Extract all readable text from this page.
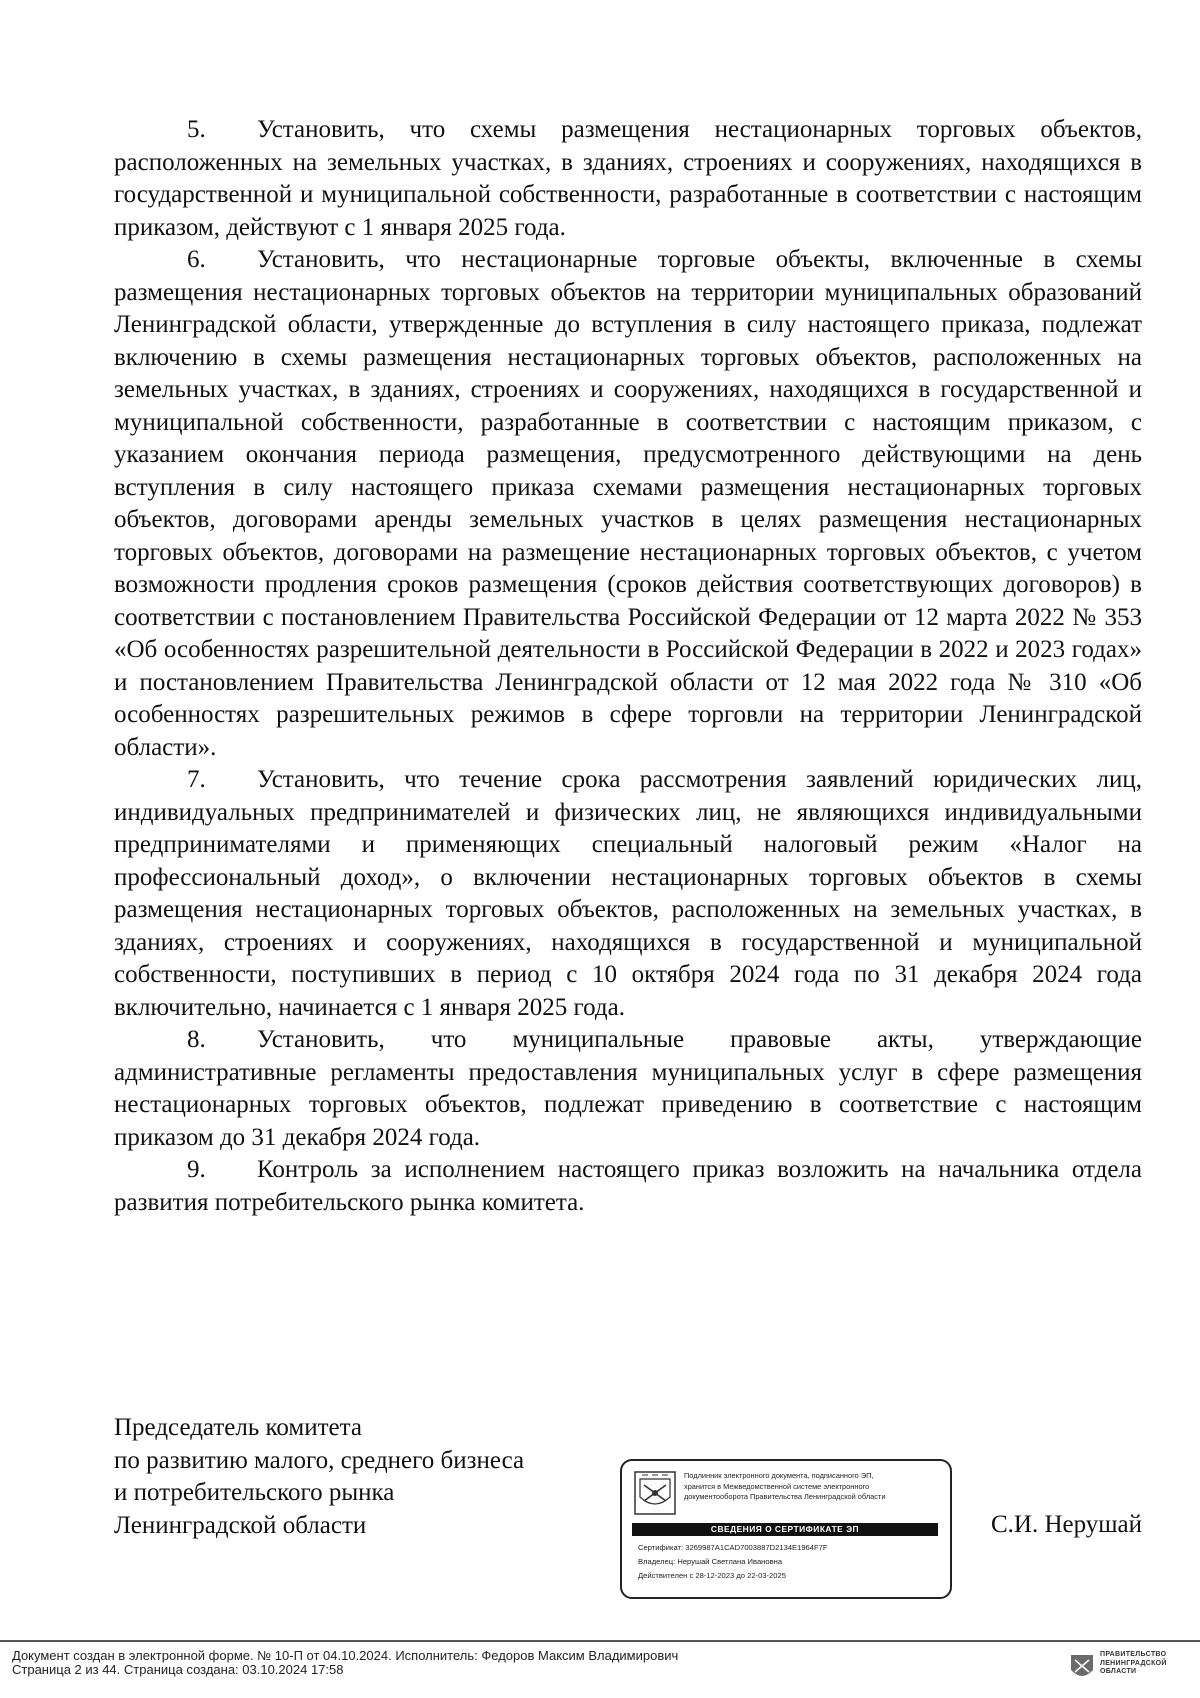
5. Установить, что схемы размещения нестационарных торговых объектов, расположенных на земельных участках, в зданиях, строениях и сооружениях, находящихся в государственной и муниципальной собственности, разработанные в соответствии с настоящим приказом, действуют с 1 января 2025 года.

6. Установить, что нестационарные торговые объекты, включенные в схемы размещения нестационарных торговых объектов на территории муниципальных образований Ленинградской области, утвержденные до вступления в силу настоящего приказа, подлежат включению в схемы размещения нестационарных торговых объектов, расположенных на земельных участках, в зданиях, строениях и сооружениях, находящихся в государственной и муниципальной собственности, разработанные в соответствии с настоящим приказом, с указанием окончания периода размещения, предусмотренного действующими на день вступления в силу настоящего приказа схемами размещения нестационарных торговых объектов, договорами аренды земельных участков в целях размещения нестационарных торговых объектов, договорами на размещение нестационарных торговых объектов, с учетом возможности продления сроков размещения (сроков действия соответствующих договоров) в соответствии с постановлением Правительства Российской Федерации от 12 марта 2022 № 353 «Об особенностях разрешительной деятельности в Российской Федерации в 2022 и 2023 годах» и постановлением Правительства Ленинградской области от 12 мая 2022 года № 310 «Об особенностях разрешительных режимов в сфере торговли на территории Ленинградской области».

7. Установить, что течение срока рассмотрения заявлений юридических лиц, индивидуальных предпринимателей и физических лиц, не являющихся индивидуальными предпринимателями и применяющих специальный налоговый режим «Налог на профессиональный доход», о включении нестационарных торговых объектов в схемы размещения нестационарных торговых объектов, расположенных на земельных участках, в зданиях, строениях и сооружениях, находящихся в государственной и муниципальной собственности, поступивших в период с 10 октября 2024 года по 31 декабря 2024 года включительно, начинается с 1 января 2025 года.

8. Установить, что муниципальные правовые акты, утверждающие административные регламенты предоставления муниципальных услуг в сфере размещения нестационарных торговых объектов, подлежат приведению в соответствие с настоящим приказом до 31 декабря 2024 года.

9. Контроль за исполнением настоящего приказ возложить на начальника отдела развития потребительского рынка комитета.

Председатель комитета
по развитию малого, среднего бизнеса
и потребительского рынка
Ленинградской области
Подлинник электронного документа, подписанного ЭП,
хранится в Межведомственной системе электронного
документооборота Правительства Ленинградской области
СВЕДЕНИЯ О СЕРТИФИКАТЕ ЭП
Сертификат: 3269987A1CAD7003887D2134E1964F7F
Владелец: Нерушай Светлана Ивановна
Действителен с 28-12-2023 до 22-03-2025
С.И. Нерушай
Документ создан в электронной форме. № 10-П от 04.10.2024. Исполнитель: Федоров Максим Владимирович
Страница 2 из 44. Страница создана: 03.10.2024 17:58
ПРАВИТЕЛЬСТВО
ЛЕНИНГРАДСКОЙ
ОБЛАСТИ
